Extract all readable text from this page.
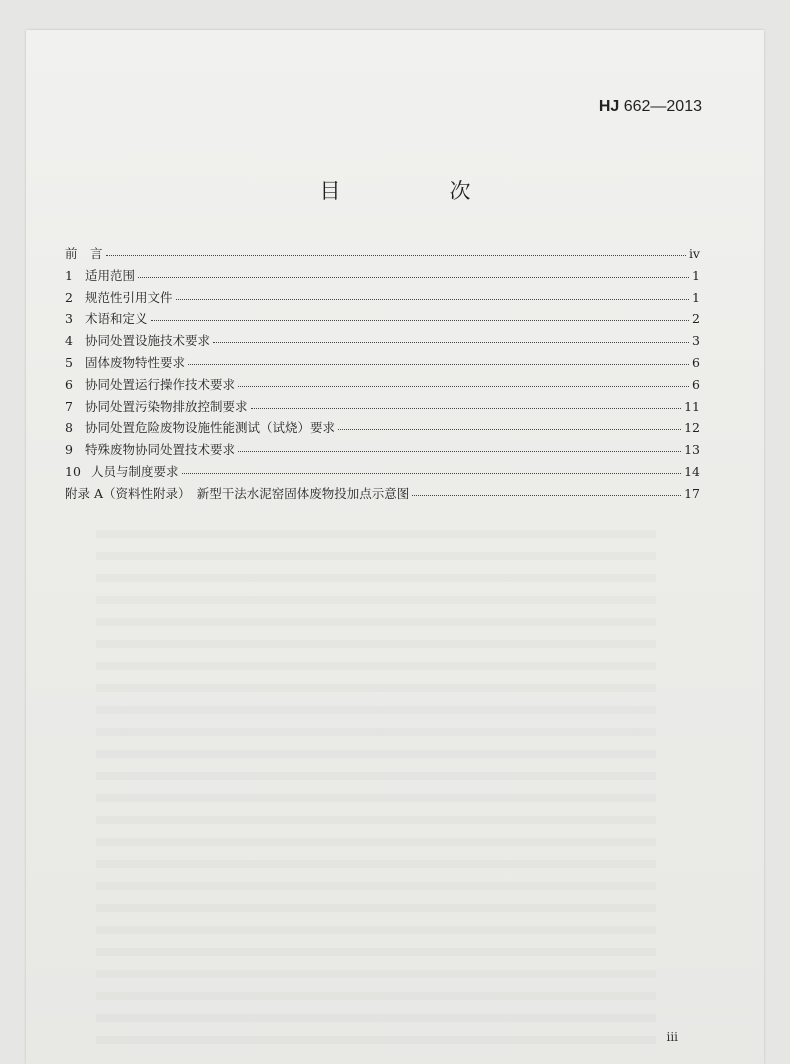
HJ 662—2013
目　次
前　言	iv
1 适用范围	1
2 规范性引用文件	1
3 术语和定义	2
4 协同处置设施技术要求	3
5 固体废物特性要求	6
6 协同处置运行操作技术要求	6
7 协同处置污染物排放控制要求	11
8 协同处置危险废物设施性能测试（试烧）要求	12
9 特殊废物协同处置技术要求	13
10 人员与制度要求	14
附录 A（资料性附录）　新型干法水泥窑固体废物投加点示意图	17
iii
